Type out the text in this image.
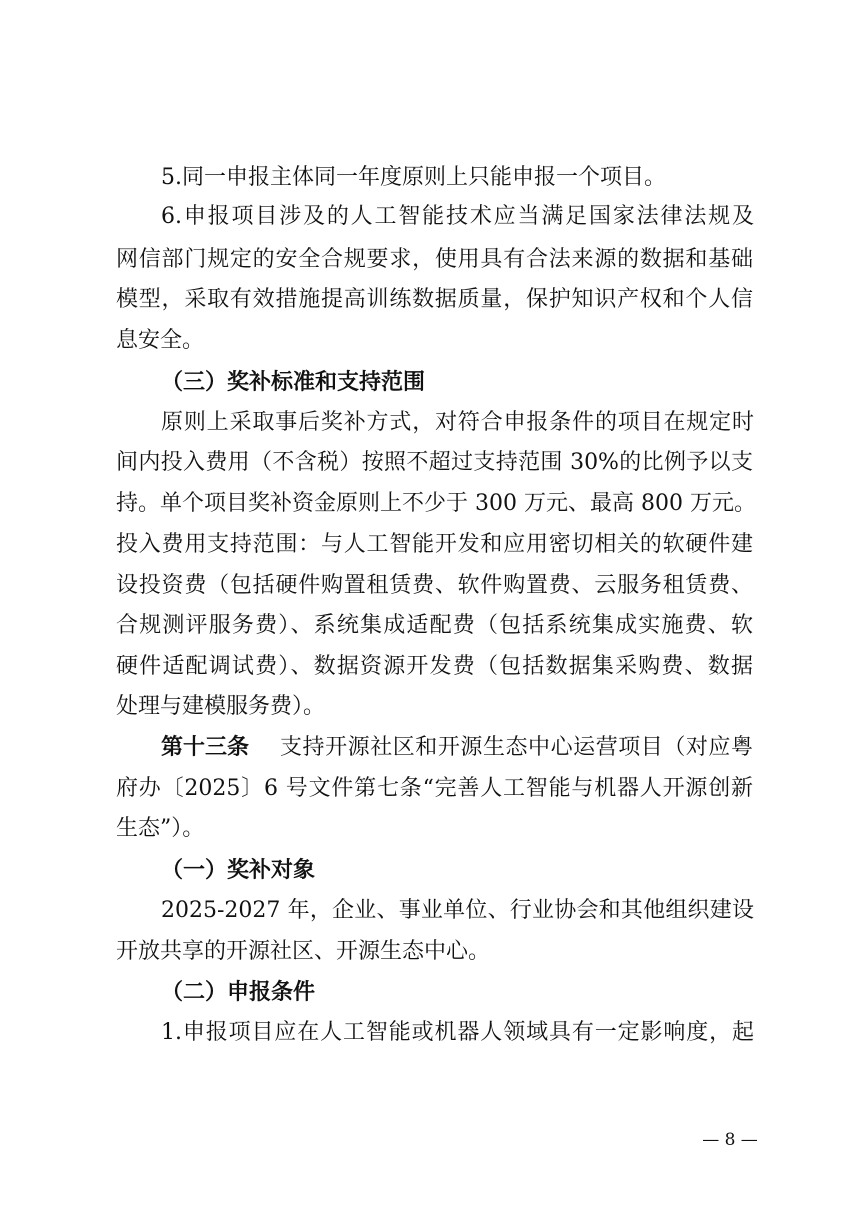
5.同一申报主体同一年度原则上只能申报一个项目。
6.申报项目涉及的人工智能技术应当满足国家法律法规及
网信部门规定的安全合规要求，使用具有合法来源的数据和基础
模型，采取有效措施提高训练数据质量，保护知识产权和个人信
息安全。
（三）奖补标准和支持范围
原则上采取事后奖补方式，对符合申报条件的项目在规定时
间内投入费用（不含税）按照不超过支持范围 30%的比例予以支
持。单个项目奖补资金原则上不少于 300 万元、最高 800 万元。
投入费用支持范围：与人工智能开发和应用密切相关的软硬件建
设投资费（包括硬件购置租赁费、软件购置费、云服务租赁费、
合规测评服务费）、系统集成适配费（包括系统集成实施费、软
硬件适配调试费）、数据资源开发费（包括数据集采购费、数据
处理与建模服务费）。
第十三条 支持开源社区和开源生态中心运营项目（对应粤
府办〔2025〕6 号文件第七条“完善人工智能与机器人开源创新
生态”）。
（一）奖补对象
2025-2027 年，企业、事业单位、行业协会和其他组织建设
开放共享的开源社区、开源生态中心。
（二）申报条件
1.申报项目应在人工智能或机器人领域具有一定影响度，起
— 8 —
